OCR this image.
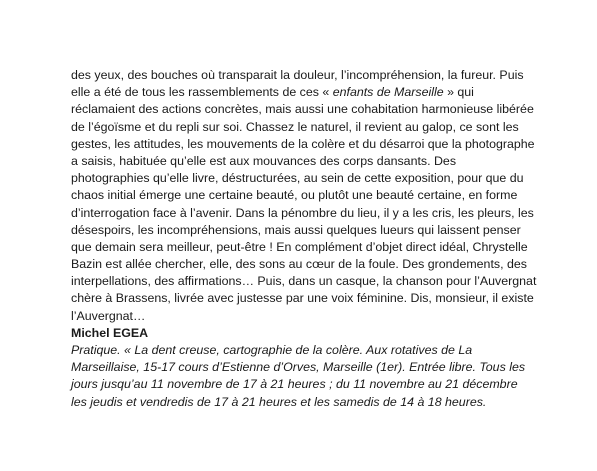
des yeux, des bouches où transparait la douleur, l’incompréhension, la fureur. Puis
elle a été de tous les rassemblements de ces « enfants de Marseille » qui
réclamaient des actions concrètes, mais aussi une cohabitation harmonieuse libérée
de l’égoïsme et du repli sur soi. Chassez le naturel, il revient au galop, ce sont les
gestes, les attitudes, les mouvements de la colère et du désarroi que la photographe
a saisis, habituée qu’elle est aux mouvances des corps dansants. Des
photographies qu’elle livre, déstructurées, au sein de cette exposition, pour que du
chaos initial émerge une certaine beauté, ou plutôt une beauté certaine, en forme
d’interrogation face à l’avenir. Dans la pénombre du lieu, il y a les cris, les pleurs, les
désespoirs, les incompréhensions, mais aussi quelques lueurs qui laissent penser
que demain sera meilleur, peut-être ! En complément d’objet direct idéal, Chrystelle
Bazin est allée chercher, elle, des sons au cœur de la foule. Des grondements, des
interpellations, des affirmations… Puis, dans un casque, la chanson pour l’Auvergnat
chère à Brassens, livrée avec justesse par une voix féminine. Dis, monsieur, il existe
l’Auvergnat…
Michel EGEA
Pratique. « La dent creuse, cartographie de la colère. Aux rotatives de La
Marseillaise, 15-17 cours d’Estienne d’Orves, Marseille (1er). Entrée libre. Tous les
jours jusqu’au 11 novembre de 17 à 21 heures ; du 11 novembre au 21 décembre
les jeudis et vendredis de 17 à 21 heures et les samedis de 14 à 18 heures.
